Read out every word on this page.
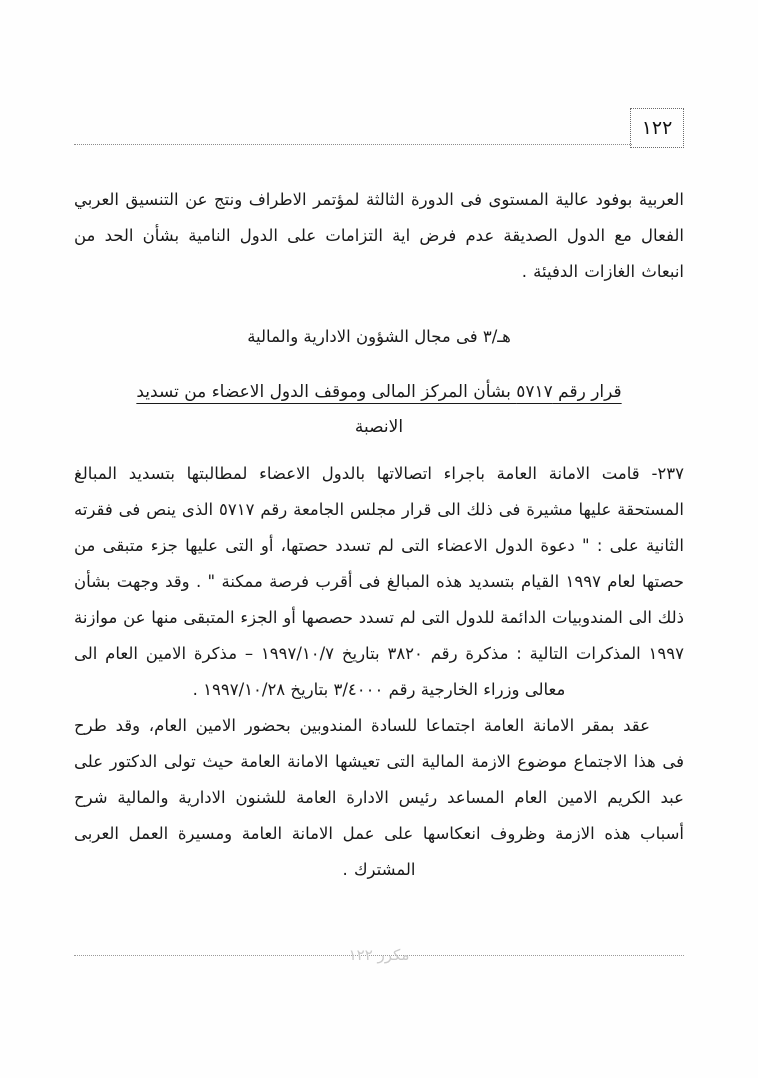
١٢٢
العربية بوفود عالية المستوى فى الدورة الثالثة لمؤتمر الاطراف ونتج عن التنسيق العربي الفعال مع الدول الصديقة عدم فرض اية التزامات على الدول النامية بشأن الحد من انبعاث الغازات الدفيئة .
هـ/٣ فى مجال الشؤون الادارية والمالية
قرار رقم ٥٧١٧ بشأن المركز المالى وموقف الدول الاعضاء من تسديد
الانصبة
٢٣٧- قامت الامانة العامة باجراء اتصالاتها بالدول الاعضاء لمطالبتها بتسديد المبالغ المستحقة عليها مشيرة فى ذلك الى قرار مجلس الجامعة رقم ٥٧١٧ الذى ينص فى فقرته الثانية على : " دعوة الدول الاعضاء التى لم تسدد حصتها، أو التى عليها جزء متبقى من حصتها لعام ١٩٩٧ القيام بتسديد هذه المبالغ فى أقرب فرصة ممكنة " . وقد وجهت بشأن ذلك الى المندوبيات الدائمة للدول التى لم تسدد حصصها أو الجزء المتبقى منها عن موازنة ١٩٩٧ المذكرات التالية : مذكرة رقم ٣٨٢٠ بتاريخ ١٩٩٧/١٠/٧ – مذكرة الامين العام الى معالى وزراء الخارجية رقم ٣/٤٠٠٠ بتاريخ ١٩٩٧/١٠/٢٨ .
عقد بمقر الامانة العامة اجتماعا للسادة المندوبين بحضور الامين العام، وقد طرح فى هذا الاجتماع موضوع الازمة المالية التى تعيشها الامانة العامة حيث تولى الدكتور على عبد الكريم الامين العام المساعد رئيس الادارة العامة للشنون الادارية والمالية شرح أسباب هذه الازمة وظروف انعكاسها على عمل الامانة العامة ومسيرة العمل العربى المشترك .
مكرر ١٢٢
